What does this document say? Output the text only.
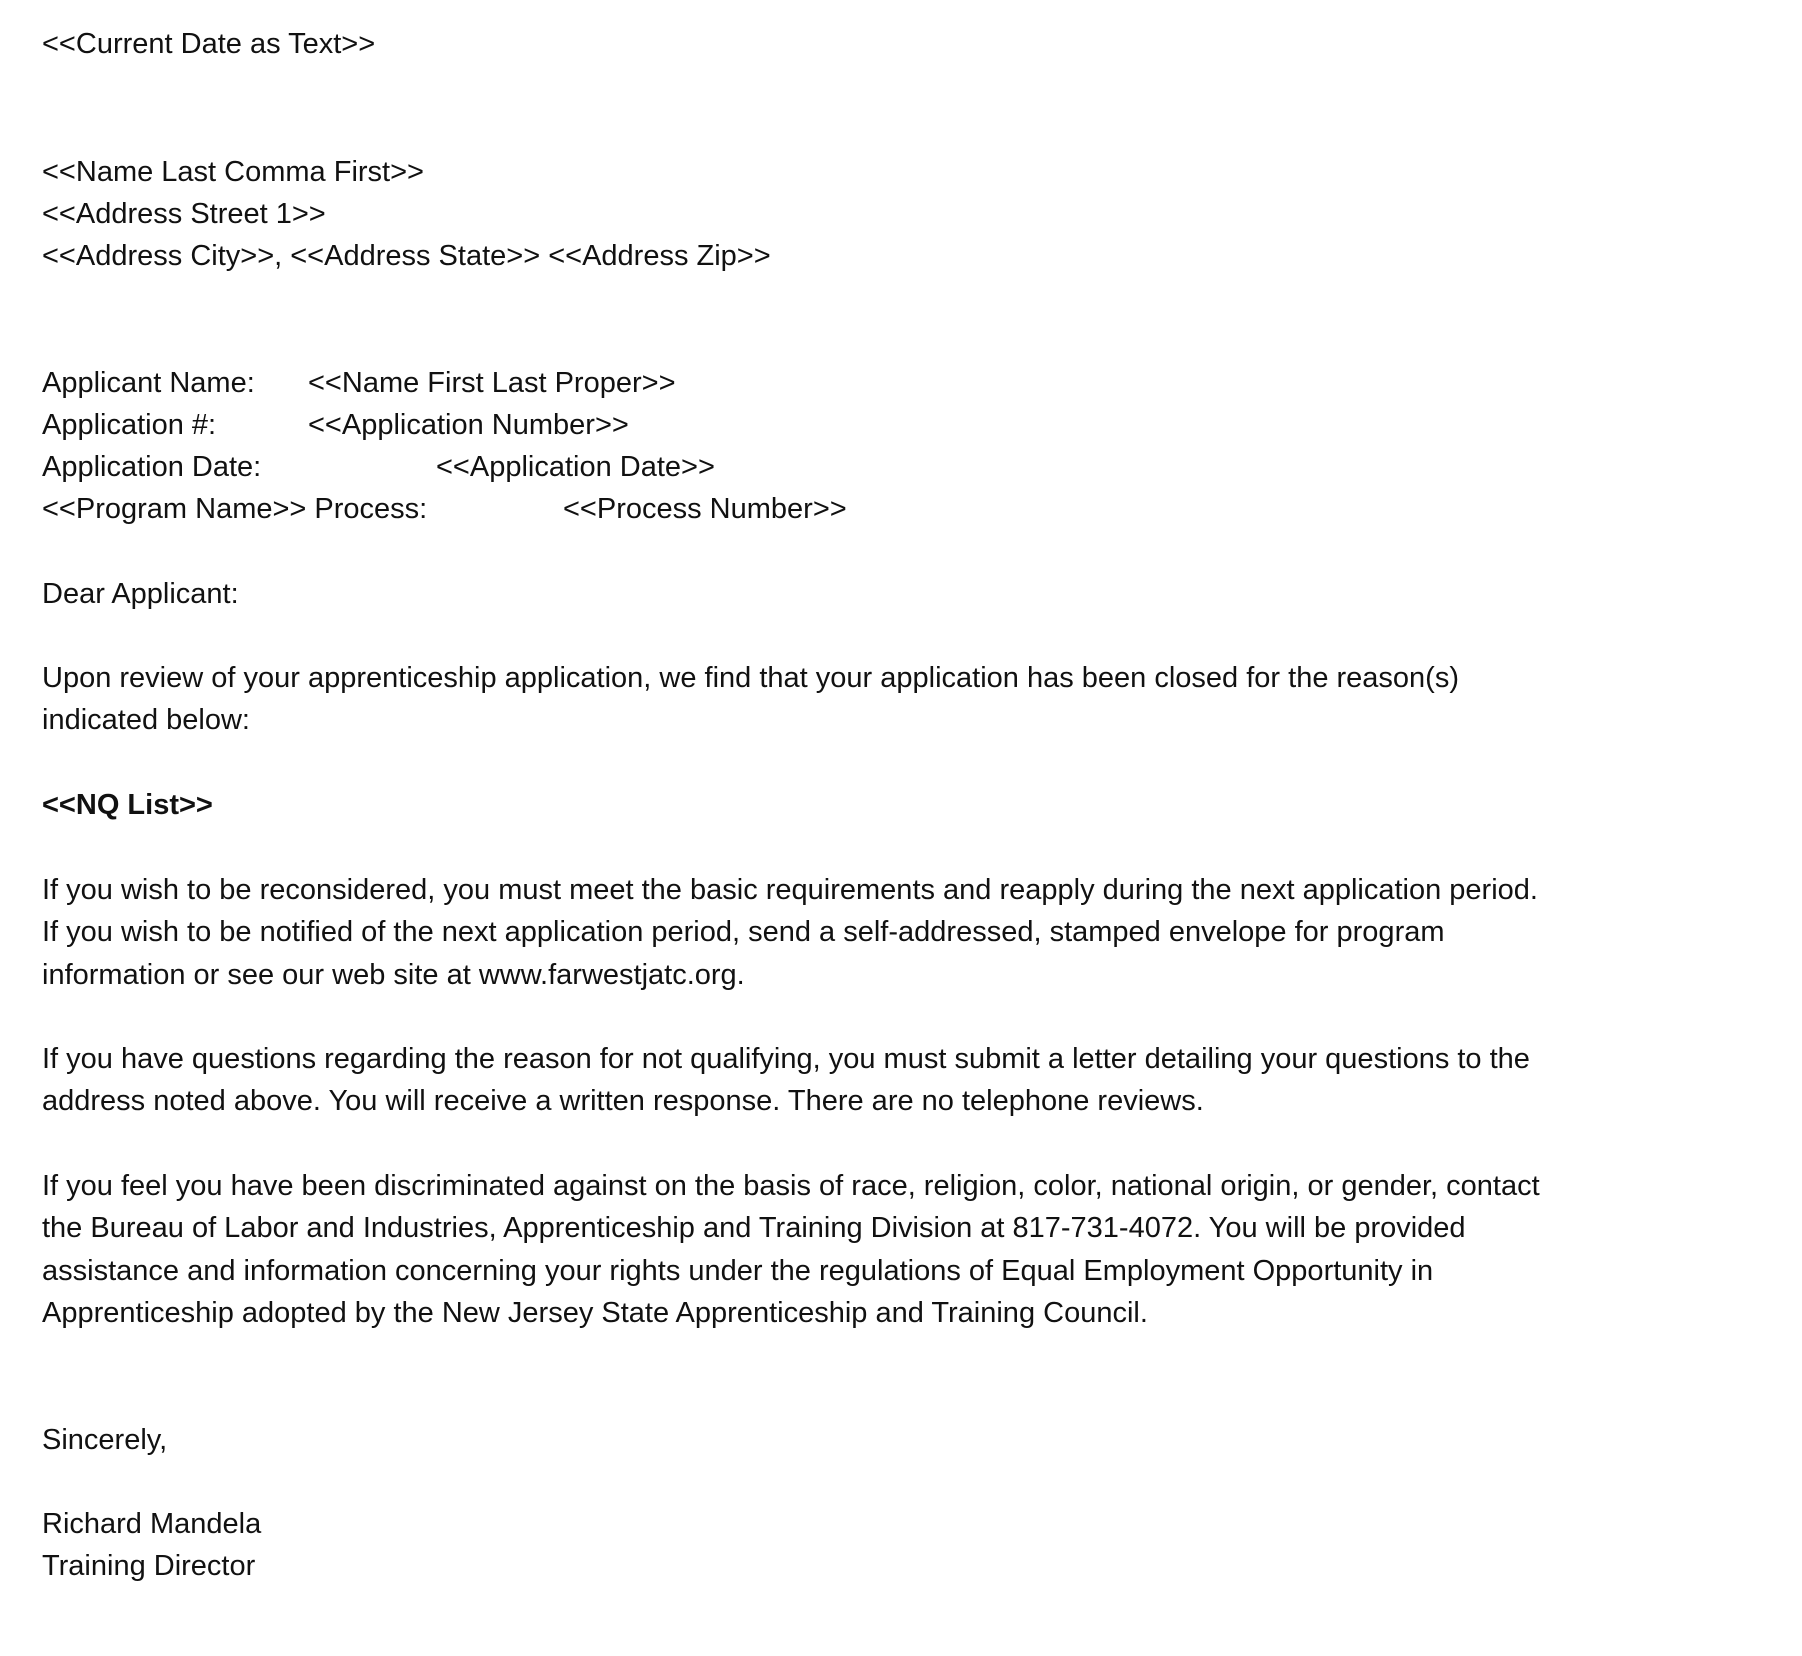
<<Current Date as Text>>
<<Name Last Comma First>>
<<Address Street 1>>
<<Address City>>, <<Address State>> <<Address Zip>>
Applicant Name: <<Name First Last Proper>>
Application #:	<<Application Number>>
Application Date:	<<Application Date>>
<<Program Name>> Process:	<<Process Number>>
Dear Applicant:
Upon review of your apprenticeship application, we find that your application has been closed for the reason(s)
indicated below:
<<NQ List>>
If you wish to be reconsidered, you must meet the basic requirements and reapply during the next application period.
If you wish to be notified of the next application period, send a self-addressed, stamped envelope for program
information or see our web site at www.farwestjatc.org.
If you have questions regarding the reason for not qualifying, you must submit a letter detailing your questions to the
address noted above. You will receive a written response. There are no telephone reviews.
If you feel you have been discriminated against on the basis of race, religion, color, national origin, or gender, contact
the Bureau of Labor and Industries, Apprenticeship and Training Division at 817-731-4072. You will be provided
assistance and information concerning your rights under the regulations of Equal Employment Opportunity in
Apprenticeship adopted by the New Jersey State Apprenticeship and Training Council.
Sincerely,
Richard Mandela
Training Director
